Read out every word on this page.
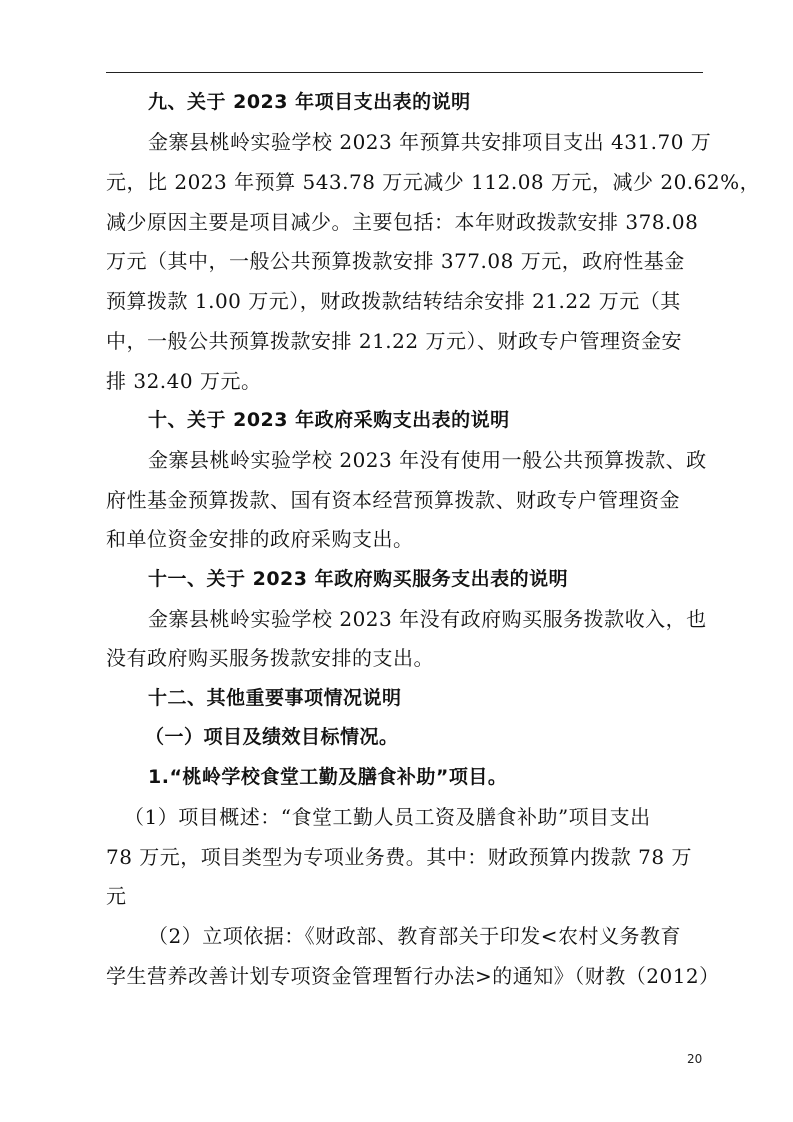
九、关于 2023 年项目支出表的说明
金寨县桃岭实验学校 2023 年预算共安排项目支出 431.70 万
元，比 2023 年预算 543.78 万元减少 112.08 万元，减少 20.62%，
减少原因主要是项目减少。主要包括：本年财政拨款安排 378.08
万元（其中，一般公共预算拨款安排 377.08 万元，政府性基金
预算拨款 1.00 万元），财政拨款结转结余安排 21.22 万元（其
中，一般公共预算拨款安排 21.22 万元）、财政专户管理资金安
排 32.40 万元。
十、关于 2023 年政府采购支出表的说明
金寨县桃岭实验学校 2023 年没有使用一般公共预算拨款、政
府性基金预算拨款、国有资本经营预算拨款、财政专户管理资金
和单位资金安排的政府采购支出。
十一、关于 2023 年政府购买服务支出表的说明
金寨县桃岭实验学校 2023 年没有政府购买服务拨款收入，也
没有政府购买服务拨款安排的支出。
十二、其他重要事项情况说明
（一）项目及绩效目标情况。
1.“桃岭学校食堂工勤及膳食补助”项目。
（1）项目概述：“食堂工勤人员工资及膳食补助”项目支出
78 万元，项目类型为专项业务费。其中：财政预算内拨款 78 万
元
（2）立项依据：《财政部、教育部关于印发<农村义务教育
学生营养改善计划专项资金管理暂行办法>的通知》（财教（2012）
20
